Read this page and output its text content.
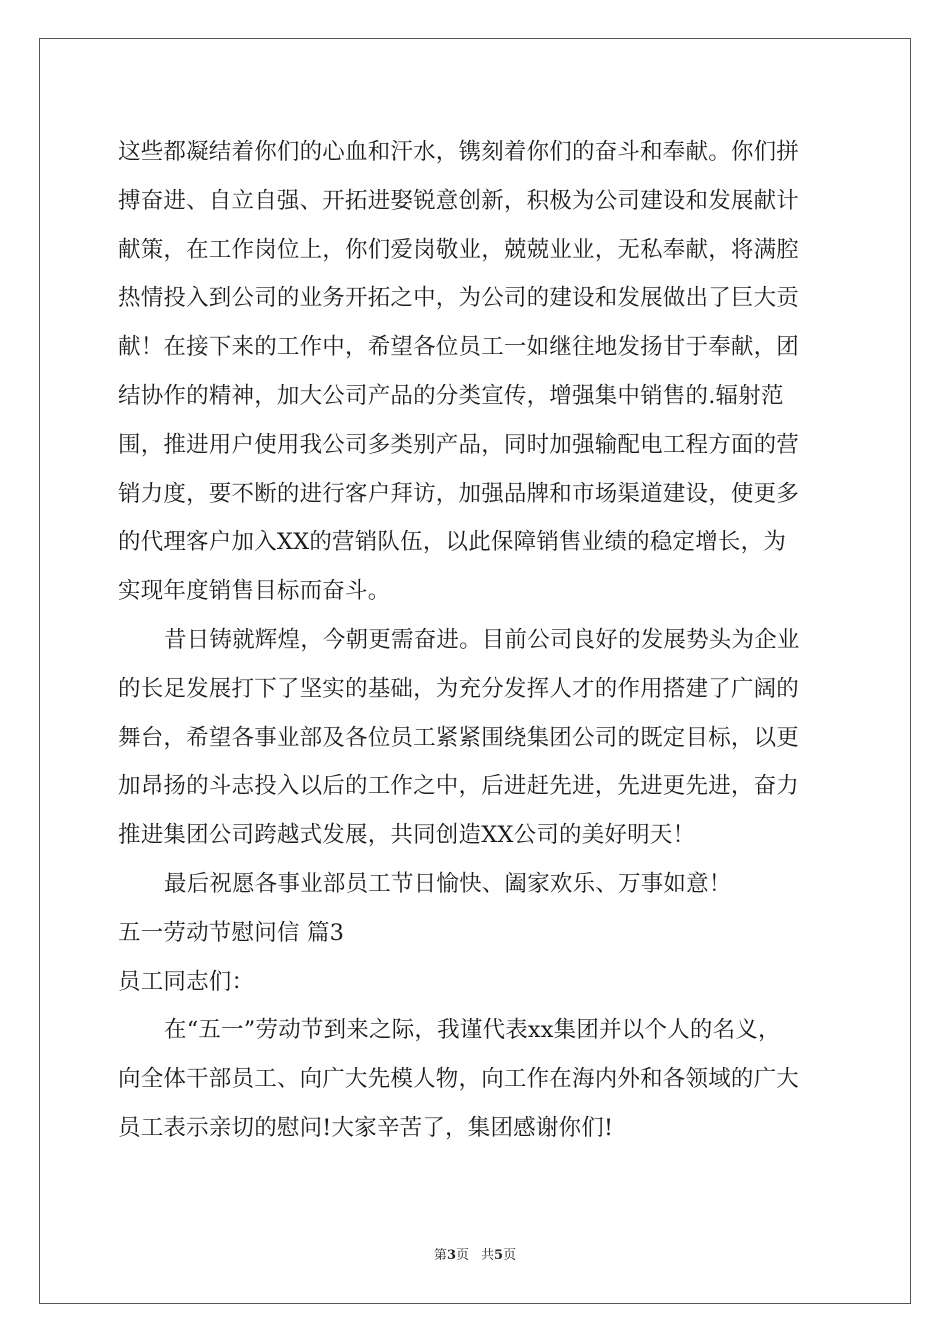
这些都凝结着你们的心血和汗水，镌刻着你们的奋斗和奉献。你们拼
搏奋进、自立自强、开拓进娶锐意创新，积极为公司建设和发展献计
献策，在工作岗位上，你们爱岗敬业，兢兢业业，无私奉献，将满腔
热情投入到公司的业务开拓之中，为公司的建设和发展做出了巨大贡
献！在接下来的工作中，希望各位员工一如继往地发扬甘于奉献，团
结协作的精神，加大公司产品的分类宣传，增强集中销售的.辐射范
围，推进用户使用我公司多类别产品，同时加强输配电工程方面的营
销力度，要不断的进行客户拜访，加强品牌和市场渠道建设，使更多
的代理客户加入XX的营销队伍，以此保障销售业绩的稳定增长，为
实现年度销售目标而奋斗。
昔日铸就辉煌，今朝更需奋进。目前公司良好的发展势头为企业
的长足发展打下了坚实的基础，为充分发挥人才的作用搭建了广阔的
舞台，希望各事业部及各位员工紧紧围绕集团公司的既定目标，以更
加昂扬的斗志投入以后的工作之中，后进赶先进，先进更先进，奋力
推进集团公司跨越式发展，共同创造XX公司的美好明天！
最后祝愿各事业部员工节日愉快、阖家欢乐、万事如意！
五一劳动节慰问信 篇3
员工同志们：
在“五一”劳动节到来之际，我谨代表xx集团并以个人的名义，
向全体干部员工、向广大先模人物，向工作在海内外和各领域的广大
员工表示亲切的慰问!大家辛苦了，集团感谢你们!
第3页 共5页
